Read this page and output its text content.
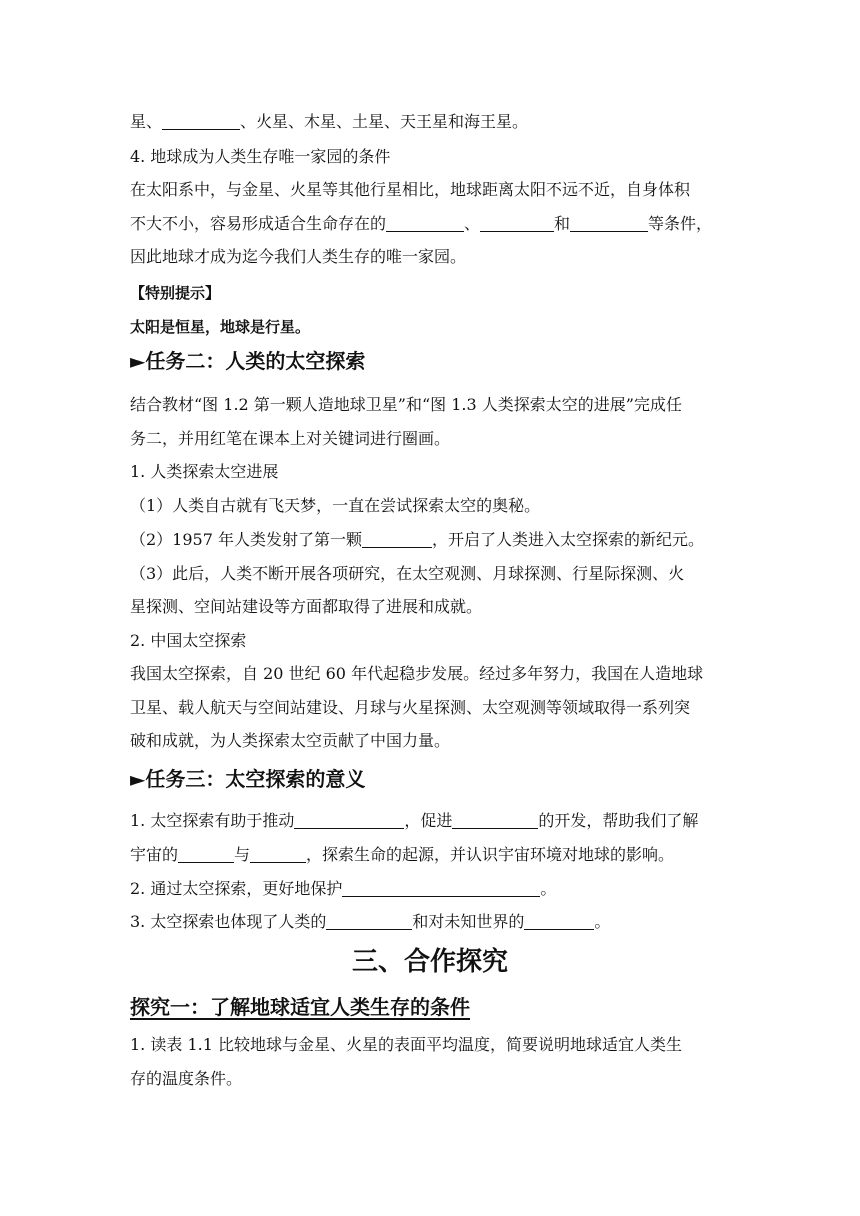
星、	、火星、木星、土星、天王星和海王星。
4. 地球成为人类生存唯一家园的条件
在太阳系中，与金星、火星等其他行星相比，地球距离太阳不远不近，自身体积
不大不小，容易形成适合生命存在的	、	和	等条件，
因此地球才成为迄今我们人类生存的唯一家园。
【特别提示】
太阳是恒星，地球是行星。
►任务二：人类的太空探索
结合教材“图 1.2 第一颗人造地球卫星”和“图 1.3 人类探索太空的进展”完成任
务二，并用红笔在课本上对关键词进行圈画。
1. 人类探索太空进展
（1）人类自古就有飞天梦，一直在尝试探索太空的奥秘。
（2）1957 年人类发射了第一颗	，开启了人类进入太空探索的新纪元。
（3）此后，人类不断开展各项研究，在太空观测、月球探测、行星际探测、火
星探测、空间站建设等方面都取得了进展和成就。
2. 中国太空探索
我国太空探索，自 20 世纪 60 年代起稳步发展。经过多年努力，我国在人造地球
卫星、载人航天与空间站建设、月球与火星探测、太空观测等领域取得一系列突
破和成就，为人类探索太空贡献了中国力量。
►任务三：太空探索的意义
1. 太空探索有助于推动	，促进	的开发，帮助我们了解
宇宙的	与	，探索生命的起源，并认识宇宙环境对地球的影响。
2. 通过太空探索，更好地保护	。
3. 太空探索也体现了人类的	和对未知世界的	。
三、合作探究
探究一：了解地球适宜人类生存的条件
1. 读表 1.1 比较地球与金星、火星的表面平均温度，简要说明地球适宜人类生
存的温度条件。
